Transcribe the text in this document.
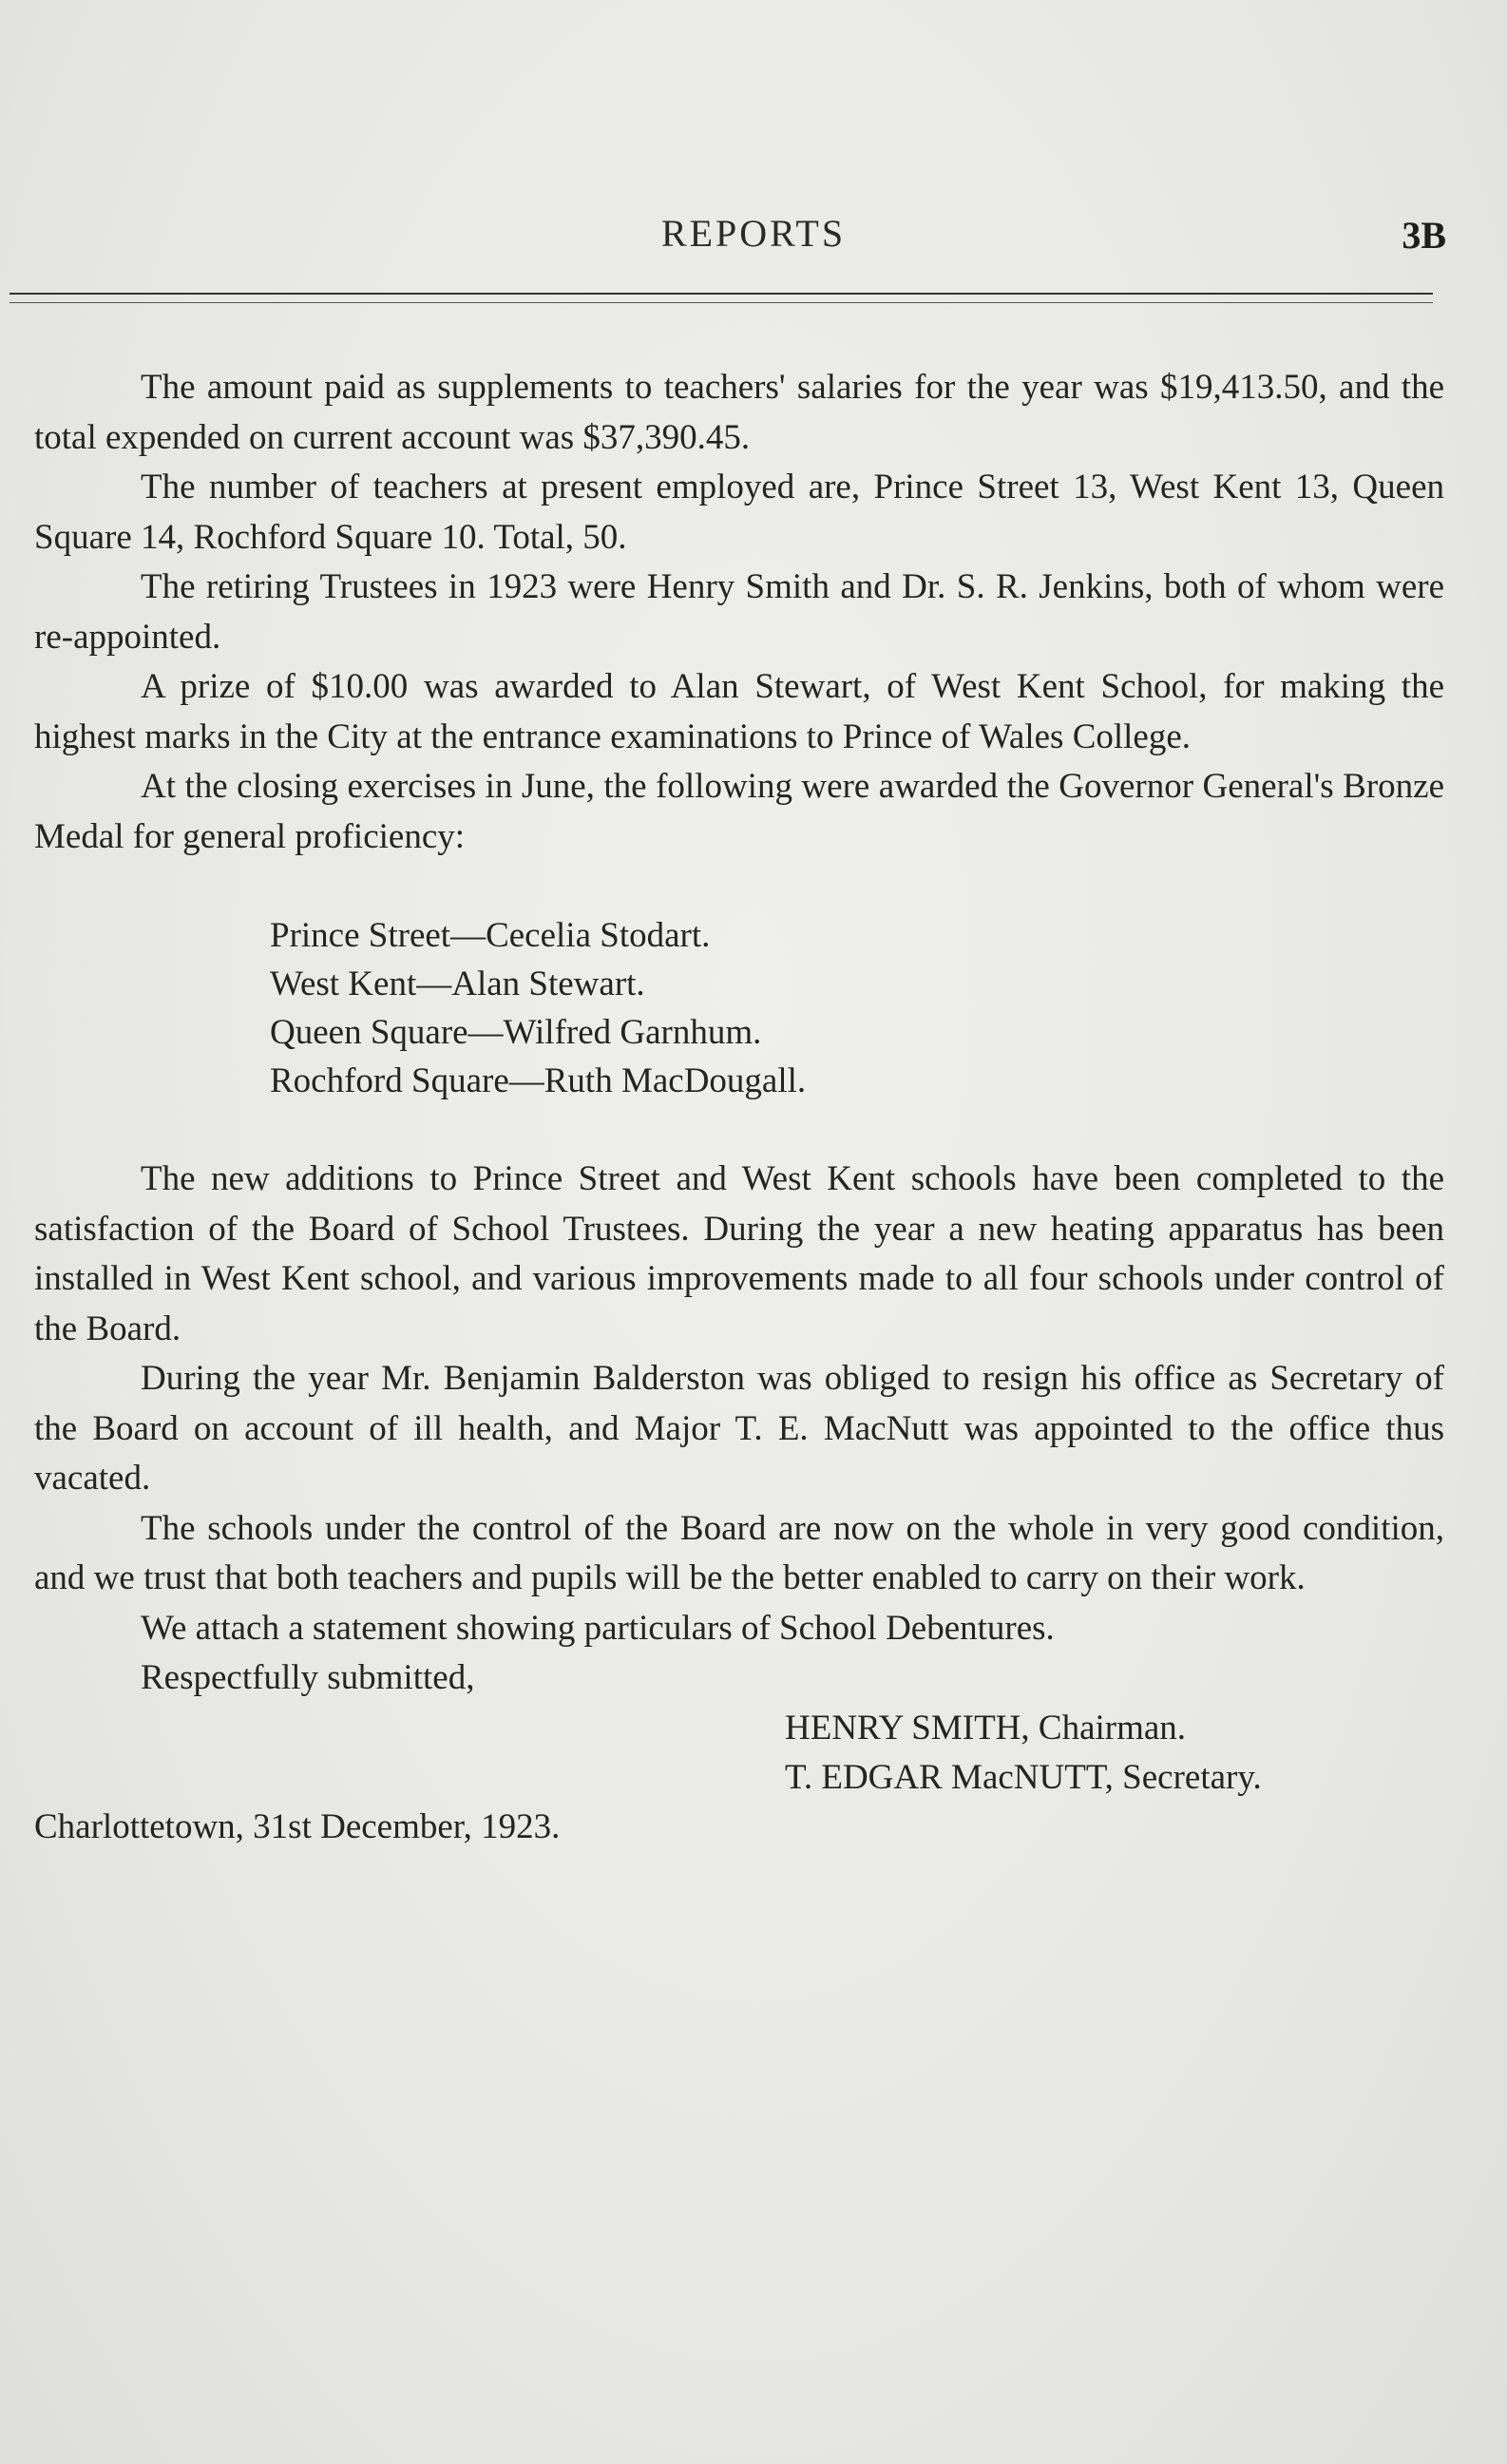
REPORTS	3B

The amount paid as supplements to teachers' salaries for the year was $19,413.50, and the total expended on current account was $37,390.45.

The number of teachers at present employed are, Prince Street 13, West Kent 13, Queen Square 14, Rochford Square 10. Total, 50.

The retiring Trustees in 1923 were Henry Smith and Dr. S. R. Jenkins, both of whom were re-appointed.

A prize of $10.00 was awarded to Alan Stewart, of West Kent School, for making the highest marks in the City at the entrance examinations to Prince of Wales College.

At the closing exercises in June, the following were awarded the Governor General's Bronze Medal for general proficiency:

Prince Street—Cecelia Stodart.
West Kent—Alan Stewart.
Queen Square—Wilfred Garnhum.
Rochford Square—Ruth MacDougall.

The new additions to Prince Street and West Kent schools have been completed to the satisfaction of the Board of School Trustees. During the year a new heating apparatus has been installed in West Kent school, and various improvements made to all four schools under control of the Board.

During the year Mr. Benjamin Balderston was obliged to resign his office as Secretary of the Board on account of ill health, and Major T. E. MacNutt was appointed to the office thus vacated.

The schools under the control of the Board are now on the whole in very good condition, and we trust that both teachers and pupils will be the better enabled to carry on their work.

We attach a statement showing particulars of School Debentures.

Respectfully submitted,

HENRY SMITH, Chairman.
T. EDGAR MacNUTT, Secretary.

Charlottetown, 31st December, 1923.
